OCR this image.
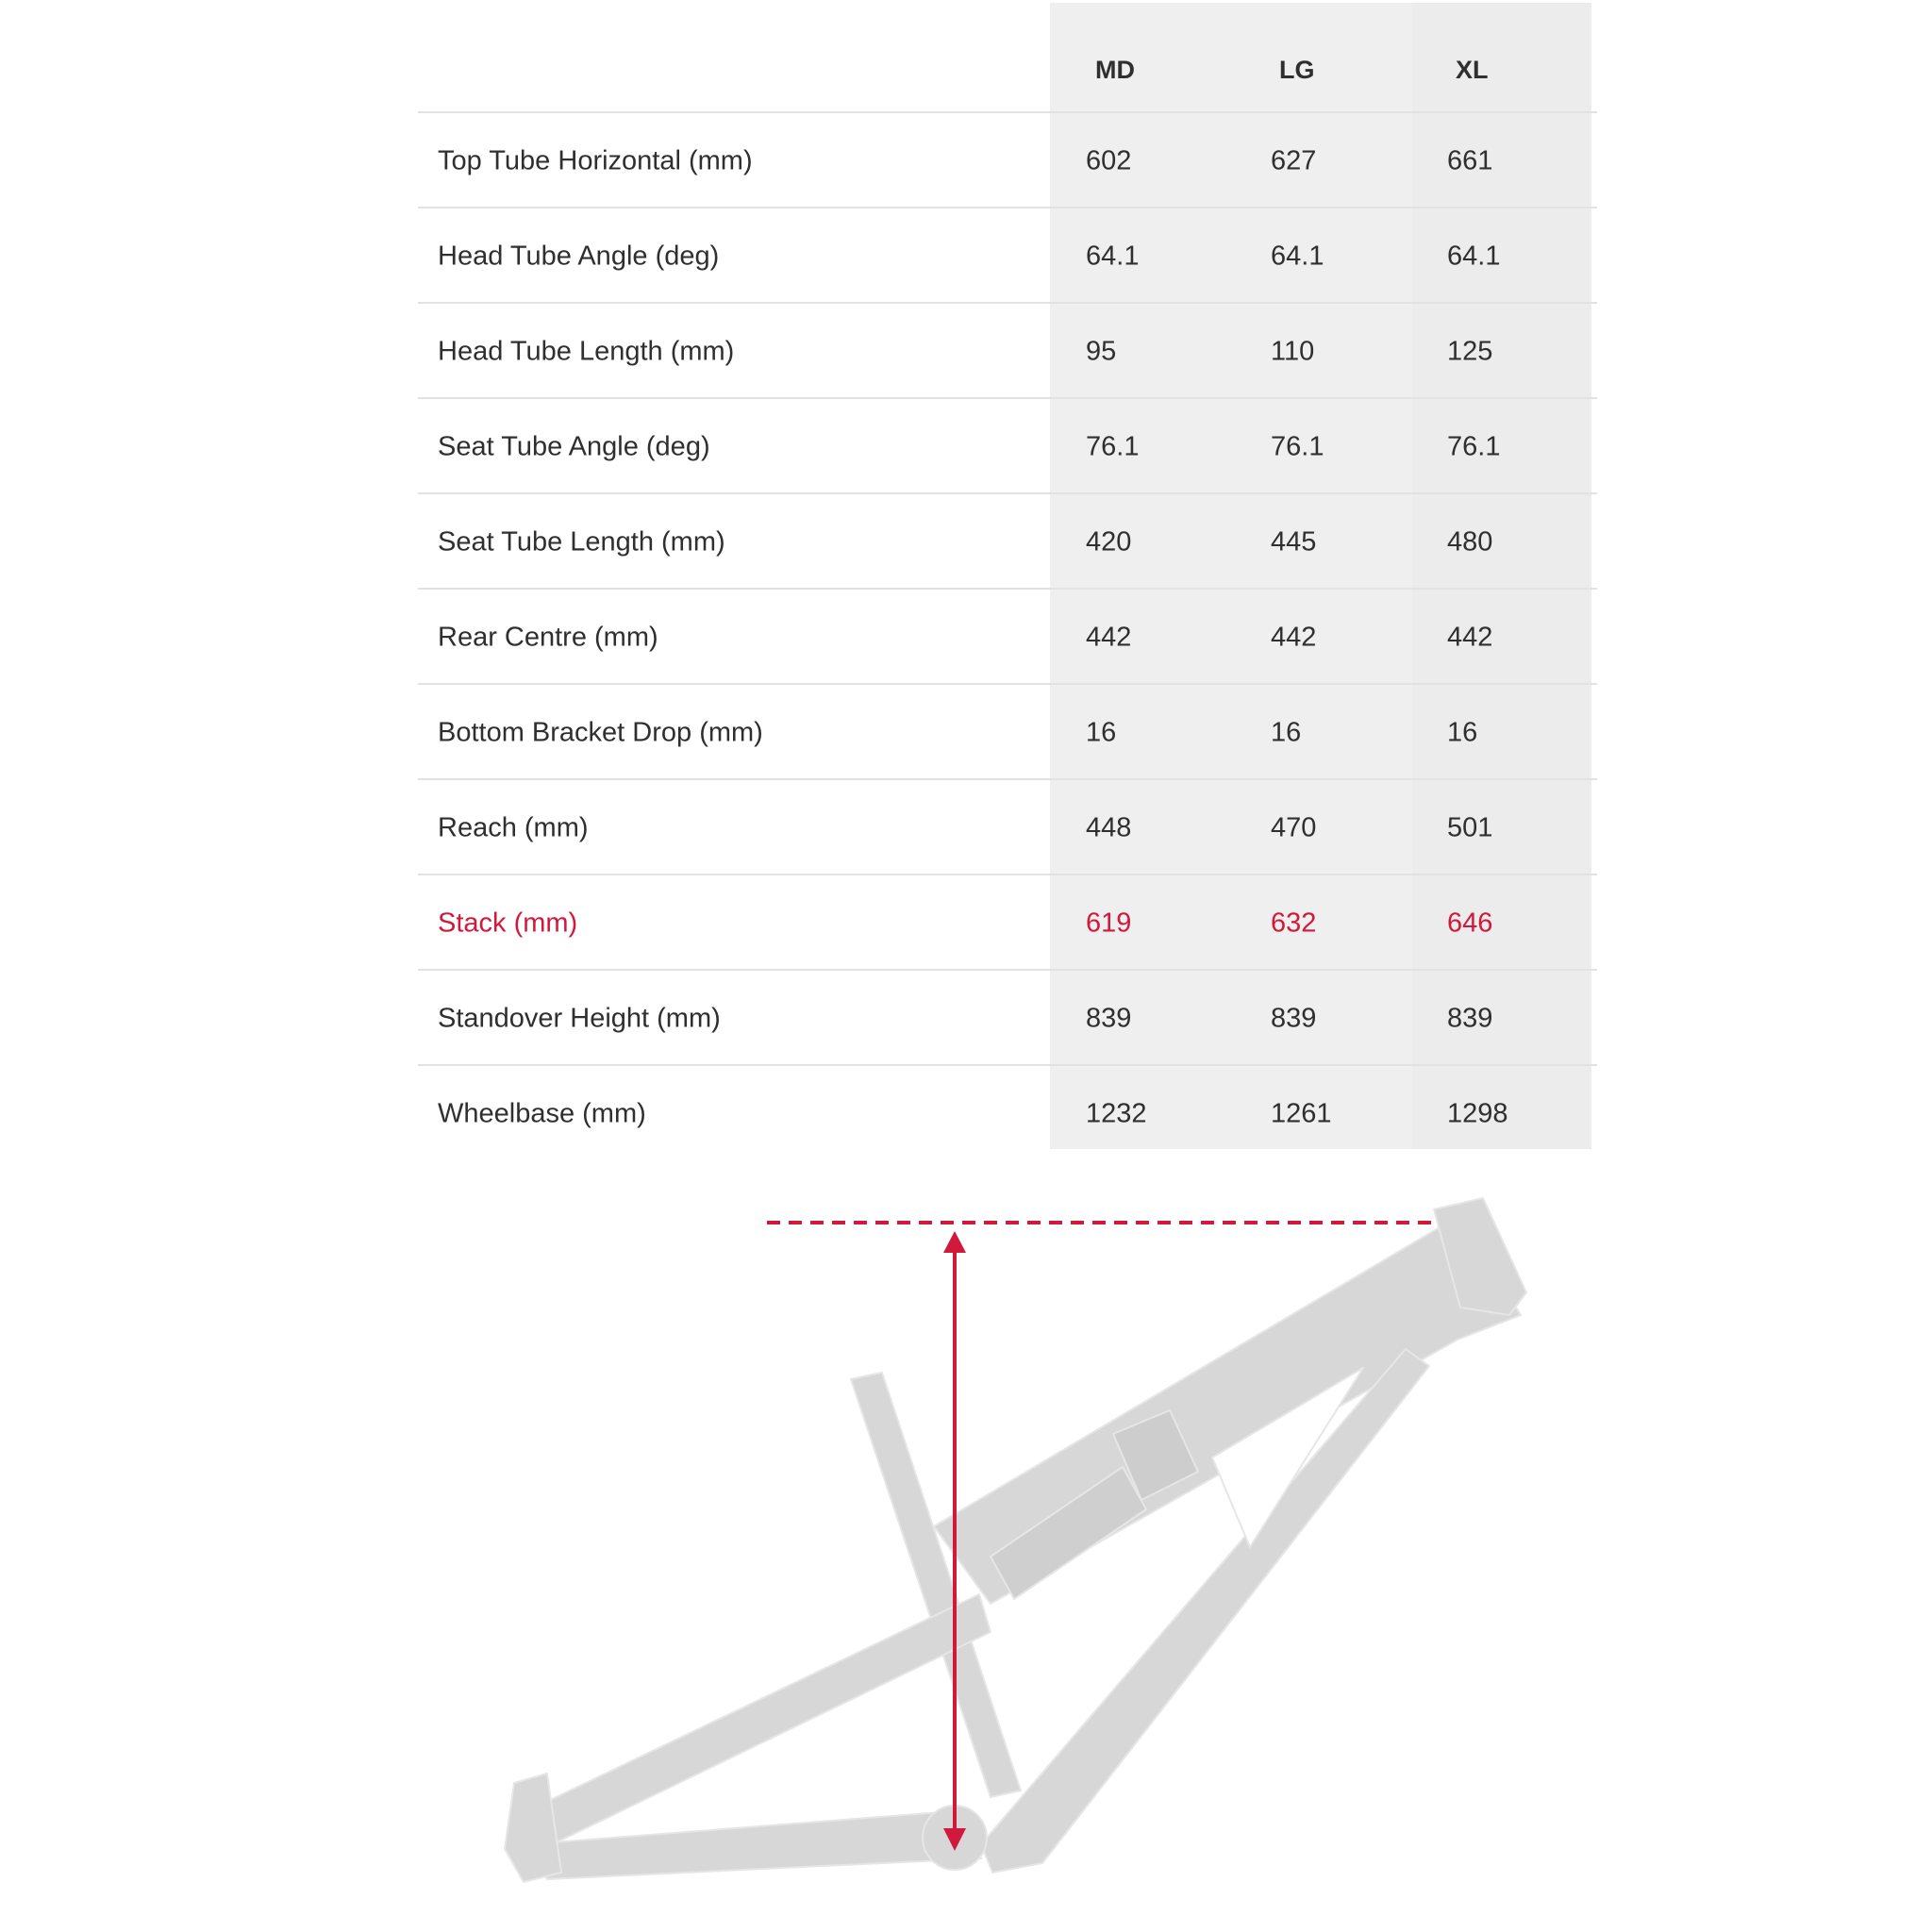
MD	LG	XL
Top Tube Horizontal (mm)	602	627	661
Head Tube Angle (deg)	64.1	64.1	64.1
Head Tube Length (mm)	95	110	125
Seat Tube Angle (deg)	76.1	76.1	76.1
Seat Tube Length (mm)	420	445	480
Rear Centre (mm)	442	442	442
Bottom Bracket Drop (mm)	16	16	16
Reach (mm)	448	470	501
Stack (mm)	619	632	646
Standover Height (mm)	839	839	839
Wheelbase (mm)	1232	1261	1298
